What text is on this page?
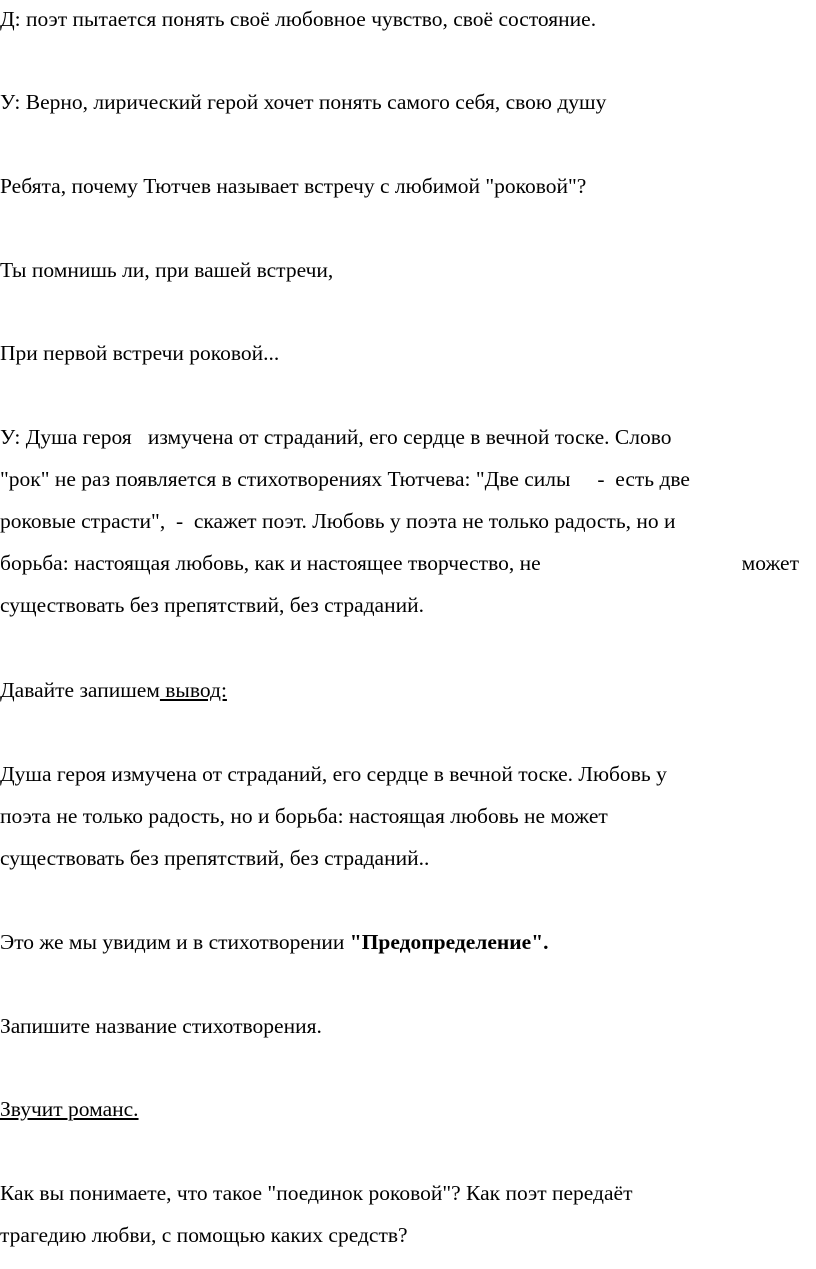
Д: поэт пытается понять своё любовное чувство, своё состояние.
У: Верно, лирический герой хочет понять самого себя, свою душу
Ребята, почему Тютчев называет встречу с любимой "роковой"?
Ты помнишь ли, при вашей встречи,
При первой встречи роковой...
У: Душа героя   измучена от страданий, его сердце в вечной тоске. Слово
"рок" не раз появляется в стихотворениях Тютчева: "Две силы     -  есть две
роковые страсти",  -  скажет поэт. Любовь у поэта не только радость, но и
борьба: настоящая любовь, как и настоящее творчество, не	может
существовать без препятствий, без страданий.
Давайте запишем вывод:
Душа героя измучена от страданий, его сердце в вечной тоске. Любовь у
поэта не только радость, но и борьба: настоящая любовь не может
существовать без препятствий, без страданий..
Это же мы увидим и в стихотворении "Предопределение".
Запишите название стихотворения.
Звучит романс.
Как вы понимаете, что такое "поединок роковой"? Как поэт передаёт
трагедию любви, с помощью каких средств?
